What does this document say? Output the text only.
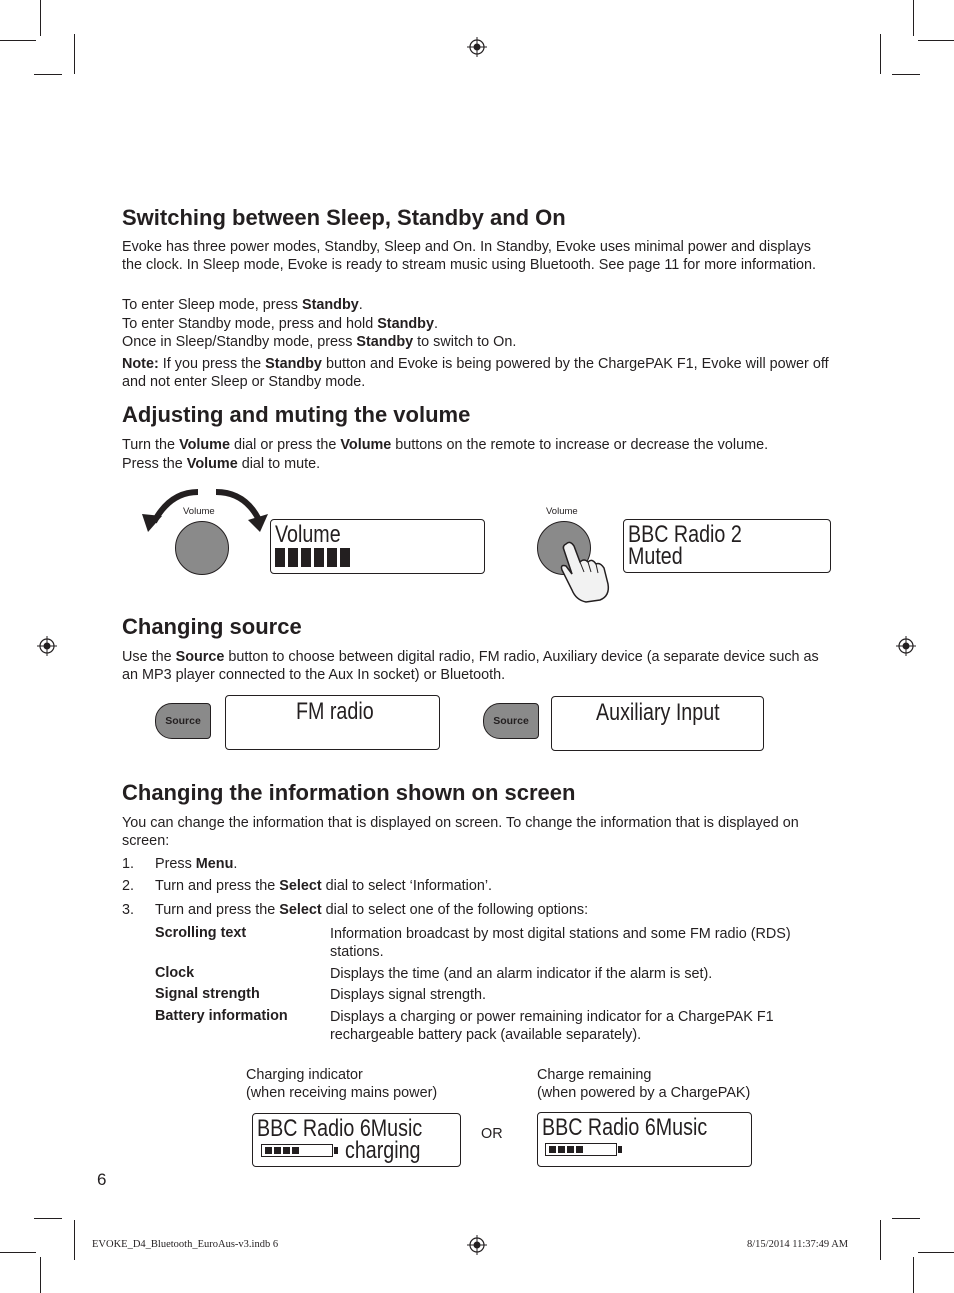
Switching between Sleep, Standby and On

Evoke has three power modes, Standby, Sleep and On. In Standby, Evoke uses minimal power and displays the clock. In Sleep mode, Evoke is ready to stream music using Bluetooth. See page 11 for more information.

To enter Sleep mode, press Standby.

To enter Standby mode, press and hold Standby.

Once in Sleep/Standby mode, press Standby to switch to On.

Note: If you press the Standby button and Evoke is being powered by the ChargePAK F1, Evoke will power off and not enter Sleep or Standby mode.

Adjusting and muting the volume

Turn the Volume dial or press the Volume buttons on the remote to increase or decrease the volume.

Press the Volume dial to mute.

Volume
Volume
Volume
BBC Radio 2
Muted
Changing source

Use the Source button to choose between digital radio, FM radio, Auxiliary device (a separate device such as an MP3 player connected to the Aux In socket) or Bluetooth.

Source	FM radio	Source	Auxiliary Input
Changing the information shown on screen

You can change the information that is displayed on screen. To change the information that is displayed on screen:

1. Press Menu.
2. Turn and press the Select dial to select ‘Information’.
3. Turn and press the Select dial to select one of the following options:
Scrolling text	Information broadcast by most digital stations and some FM radio (RDS) stations.
Clock	Displays the time (and an alarm indicator if the alarm is set).
Signal strength	Displays signal strength.
Battery information	Displays a charging or power remaining indicator for a ChargePAK F1 rechargeable battery pack (available separately).
Charging indicator
(when receiving mains power)
Charge remaining
(when powered by a ChargePAK)
OR
BBC Radio 6Music
charging
BBC Radio 6Music
6
EVOKE_D4_Bluetooth_EuroAus-v3.indb 6	8/15/2014 11:37:49 AM
